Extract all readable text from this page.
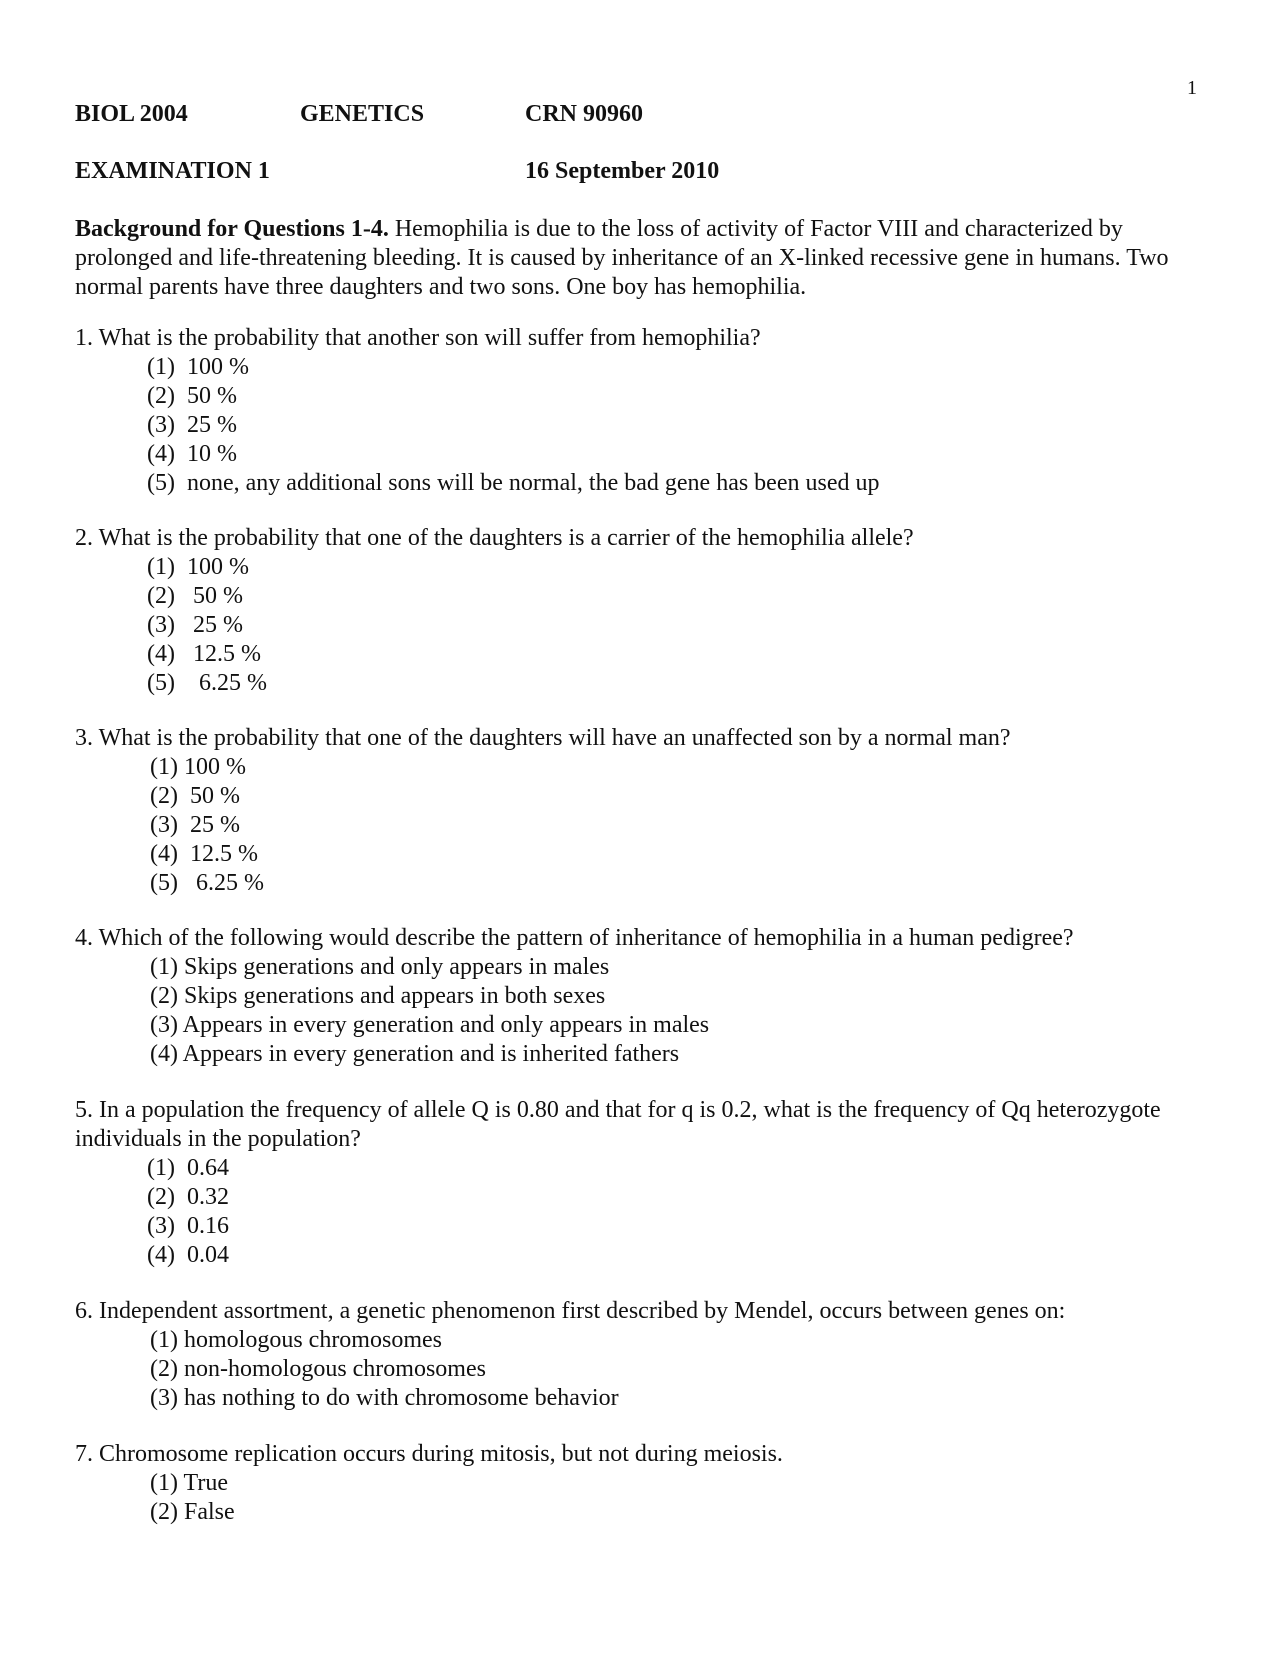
1
BIOL 2004	GENETICS	CRN 90960
EXAMINATION 1	16 September 2010
Background for Questions 1-4. Hemophilia is due to the loss of activity of Factor VIII and characterized by prolonged and life-threatening bleeding. It is caused by inheritance of an X-linked recessive gene in humans. Two normal parents have three daughters and two sons. One boy has hemophilia.
1. What is the probability that another son will suffer from hemophilia?
(1)  100 %
(2)  50 %
(3)  25 %
(4)  10 %
(5)  none, any additional sons will be normal, the bad gene has been used up
2. What is the probability that one of the daughters is a carrier of the hemophilia allele?
(1)  100 %
(2)   50 %
(3)   25 %
(4)   12.5 %
(5)    6.25 %
3. What is the probability that one of the daughters will have an unaffected son by a normal man?
(1) 100 %
(2)  50 %
(3)  25 %
(4)  12.5 %
(5)   6.25 %
4. Which of the following would describe the pattern of inheritance of hemophilia in a human pedigree?
(1) Skips generations and only appears in males
(2) Skips generations and appears in both sexes
(3) Appears in every generation and only appears in males
(4) Appears in every generation and is inherited fathers
5. In a population the frequency of allele Q is 0.80 and that for q is 0.2, what is the frequency of Qq heterozygote individuals in the population?
(1)  0.64
(2)  0.32
(3)  0.16
(4)  0.04
6. Independent assortment, a genetic phenomenon first described by Mendel, occurs between genes on:
(1) homologous chromosomes
(2) non-homologous chromosomes
(3) has nothing to do with chromosome behavior
7. Chromosome replication occurs during mitosis, but not during meiosis.
(1) True
(2) False
